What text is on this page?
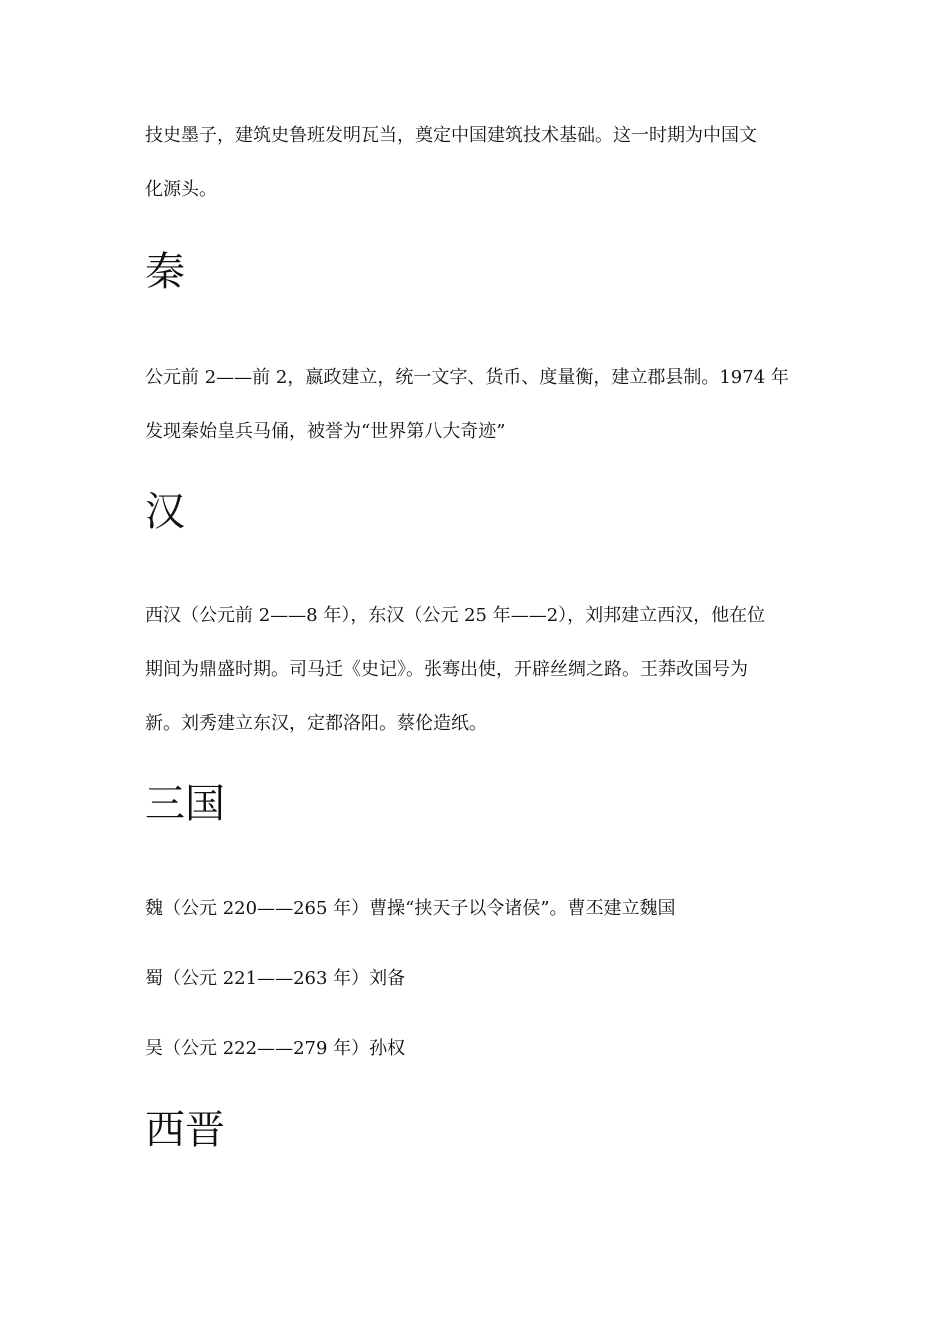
技史墨子，建筑史鲁班发明瓦当，奠定中国建筑技术基础。这一时期为中国文
化源头。
秦
公元前 2——前 2，嬴政建立，统一文字、货币、度量衡，建立郡县制。1974 年
发现秦始皇兵马俑，被誉为“世界第八大奇迹”
汉
西汉（公元前 2——8 年），东汉（公元 25 年——2），刘邦建立西汉，他在位
期间为鼎盛时期。司马迁《史记》。张骞出使，开辟丝绸之路。王莽改国号为
新。刘秀建立东汉，定都洛阳。蔡伦造纸。
三国
魏（公元 220——265 年）曹操“挟天子以令诸侯”。曹丕建立魏国
蜀（公元 221——263 年）刘备
吴（公元 222——279 年）孙权
西晋
